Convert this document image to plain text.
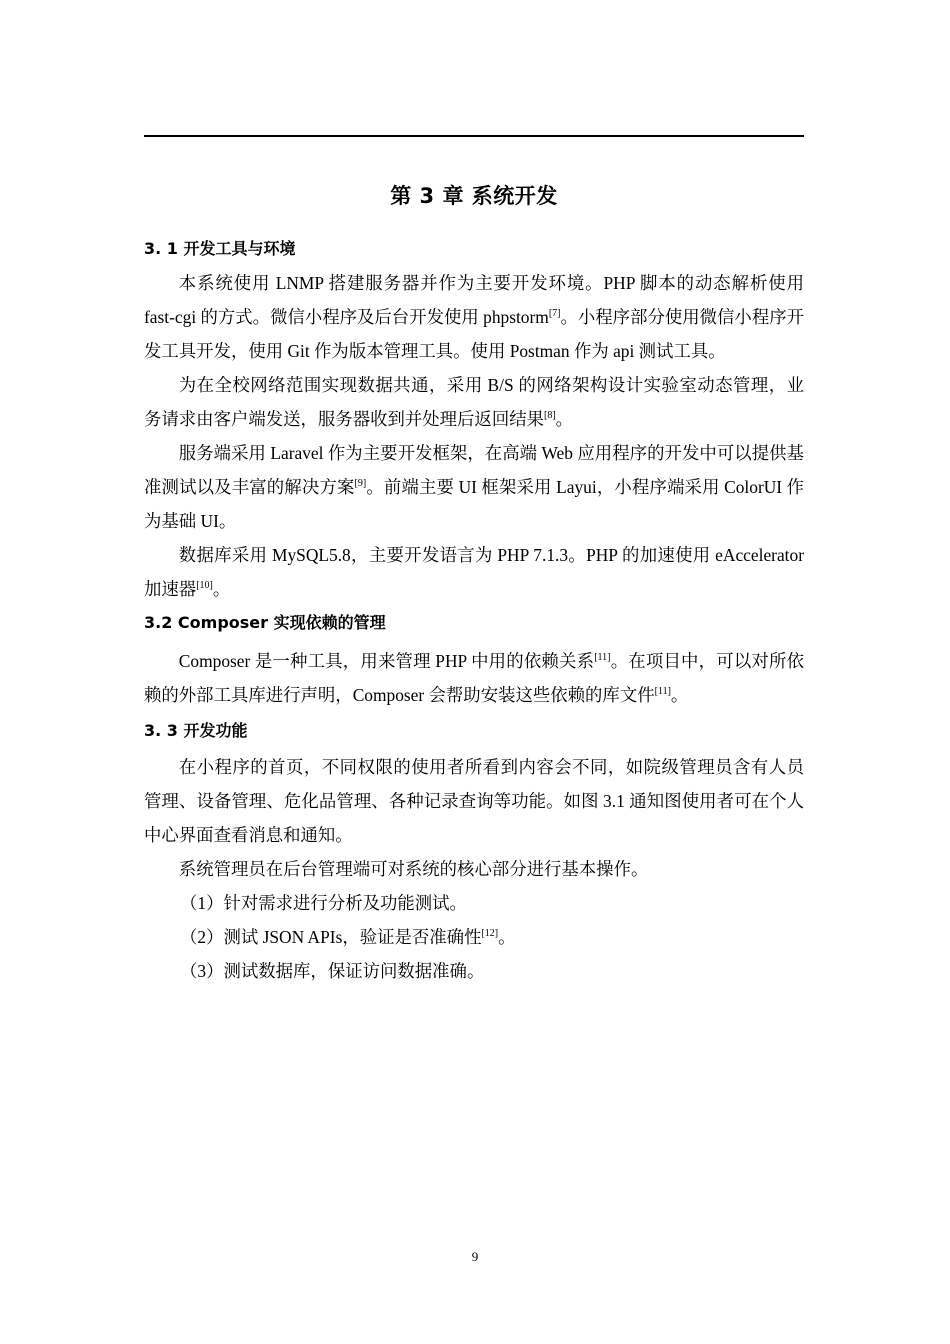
第 3 章 系统开发
3. 1 开发工具与环境

本系统使用 LNMP 搭建服务器并作为主要开发环境。PHP 脚本的动态解析使用 fast-cgi 的方式。微信小程序及后台开发使用 phpstorm[7]。小程序部分使用微信小程序开发工具开发，使用 Git 作为版本管理工具。使用 Postman 作为 api 测试工具。

为在全校网络范围实现数据共通，采用 B/S 的网络架构设计实验室动态管理，业务请求由客户端发送，服务器收到并处理后返回结果[8]。

服务端采用 Laravel 作为主要开发框架，在高端 Web 应用程序的开发中可以提供基准测试以及丰富的解决方案[9]。前端主要 UI 框架采用 Layui，小程序端采用 ColorUI 作为基础 UI。

数据库采用 MySQL5.8，主要开发语言为 PHP 7.1.3。PHP 的加速使用 eAccelerator 加速器[10]。

3.2 Composer 实现依赖的管理

Composer 是一种工具，用来管理 PHP 中用的依赖关系[11]。在项目中，可以对所依赖的外部工具库进行声明，Composer 会帮助安装这些依赖的库文件[11]。

3. 3 开发功能

在小程序的首页，不同权限的使用者所看到内容会不同，如院级管理员含有人员管理、设备管理、危化品管理、各种记录查询等功能。如图 3.1 通知图使用者可在个人中心界面查看消息和通知。

系统管理员在后台管理端可对系统的核心部分进行基本操作。

（1）针对需求进行分析及功能测试。

（2）测试 JSON APIs，验证是否准确性[12]。

（3）测试数据库，保证访问数据准确。

9
